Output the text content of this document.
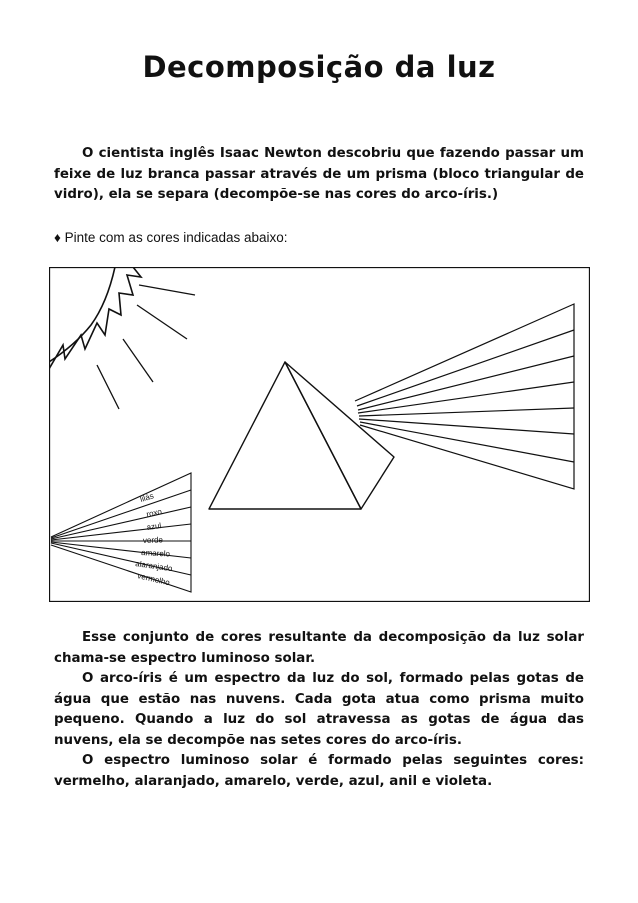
Decomposição da luz

O cientista inglês Isaac Newton descobriu que fazendo passar um feixe de luz branca passar através de um prisma (bloco triangular de vidro), ela se separa (decompõe-se nas cores do arco-íris.)

♦ Pinte com as cores indicadas abaixo:

lilás
roxo
azul
verde
amarelo
alaranjado
vermelho

Esse conjunto de cores resultante da decomposição da luz solar chama-se espectro luminoso solar.

O arco-íris é um espectro da luz do sol, formado pelas gotas de água que estão nas nuvens. Cada gota atua como prisma muito pequeno. Quando a luz do sol atravessa as gotas de água das nuvens, ela se decompõe nas setes cores do arco-íris.

O espectro luminoso solar é formado pelas seguintes cores: vermelho, alaranjado, amarelo, verde, azul, anil e violeta.
